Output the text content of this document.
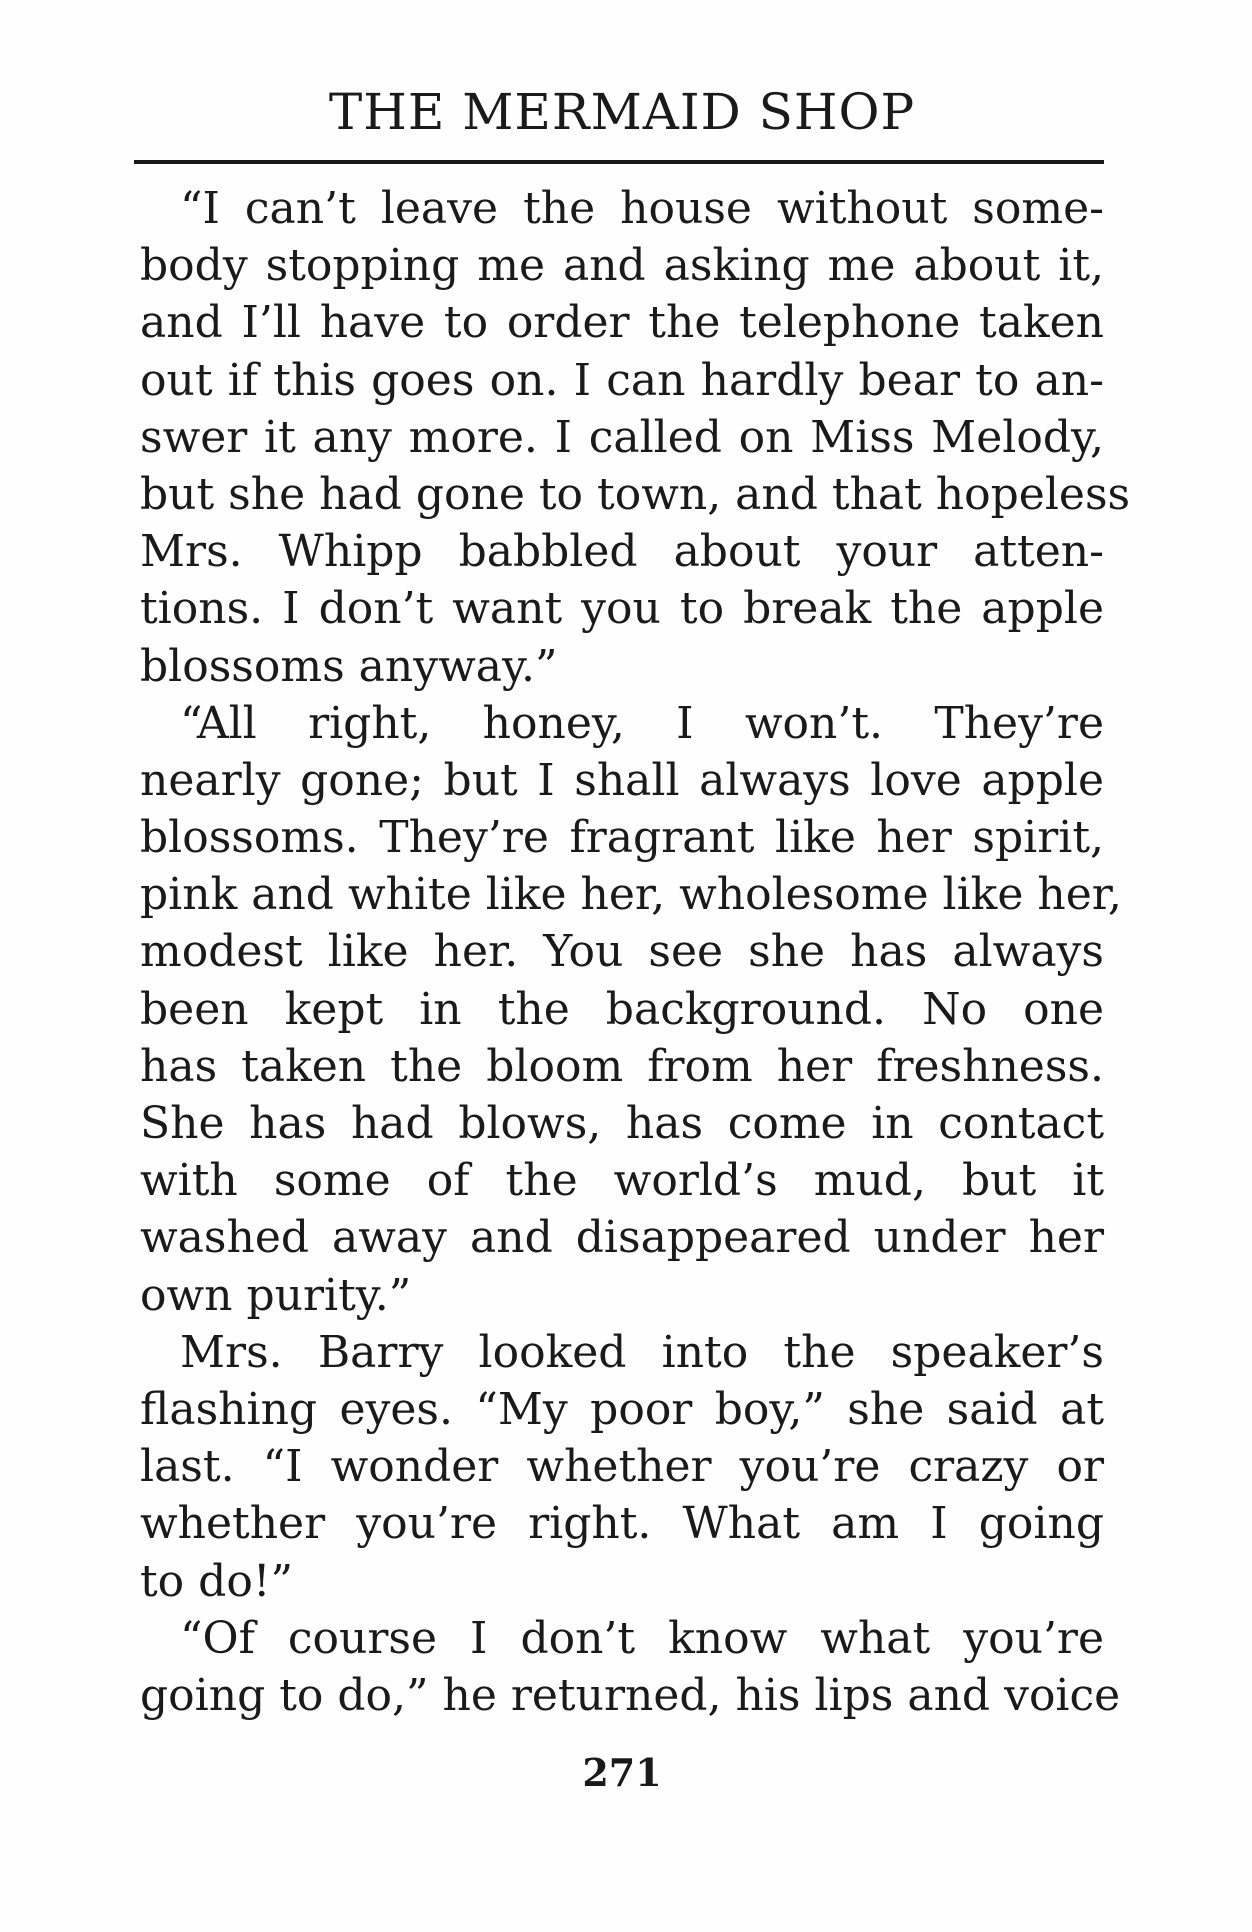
THE MERMAID SHOP
“I can’t leave the house without some-
body stopping me and asking me about it,
and I’ll have to order the telephone taken
out if this goes on. I can hardly bear to an-
swer it any more. I called on Miss Melody,
but she had gone to town, and that hopeless
Mrs. Whipp babbled about your atten-
tions. I don’t want you to break the apple
blossoms anyway.”
“All right, honey, I won’t. They’re
nearly gone; but I shall always love apple
blossoms. They’re fragrant like her spirit,
pink and white like her, wholesome like her,
modest like her. You see she has always
been kept in the background. No one
has taken the bloom from her freshness.
She has had blows, has come in contact
with some of the world’s mud, but it
washed away and disappeared under her
own purity.”
Mrs. Barry looked into the speaker’s
flashing eyes. “My poor boy,” she said at
last. “I wonder whether you’re crazy or
whether you’re right. What am I going
to do!”
“Of course I don’t know what you’re
going to do,” he returned, his lips and voice
271
